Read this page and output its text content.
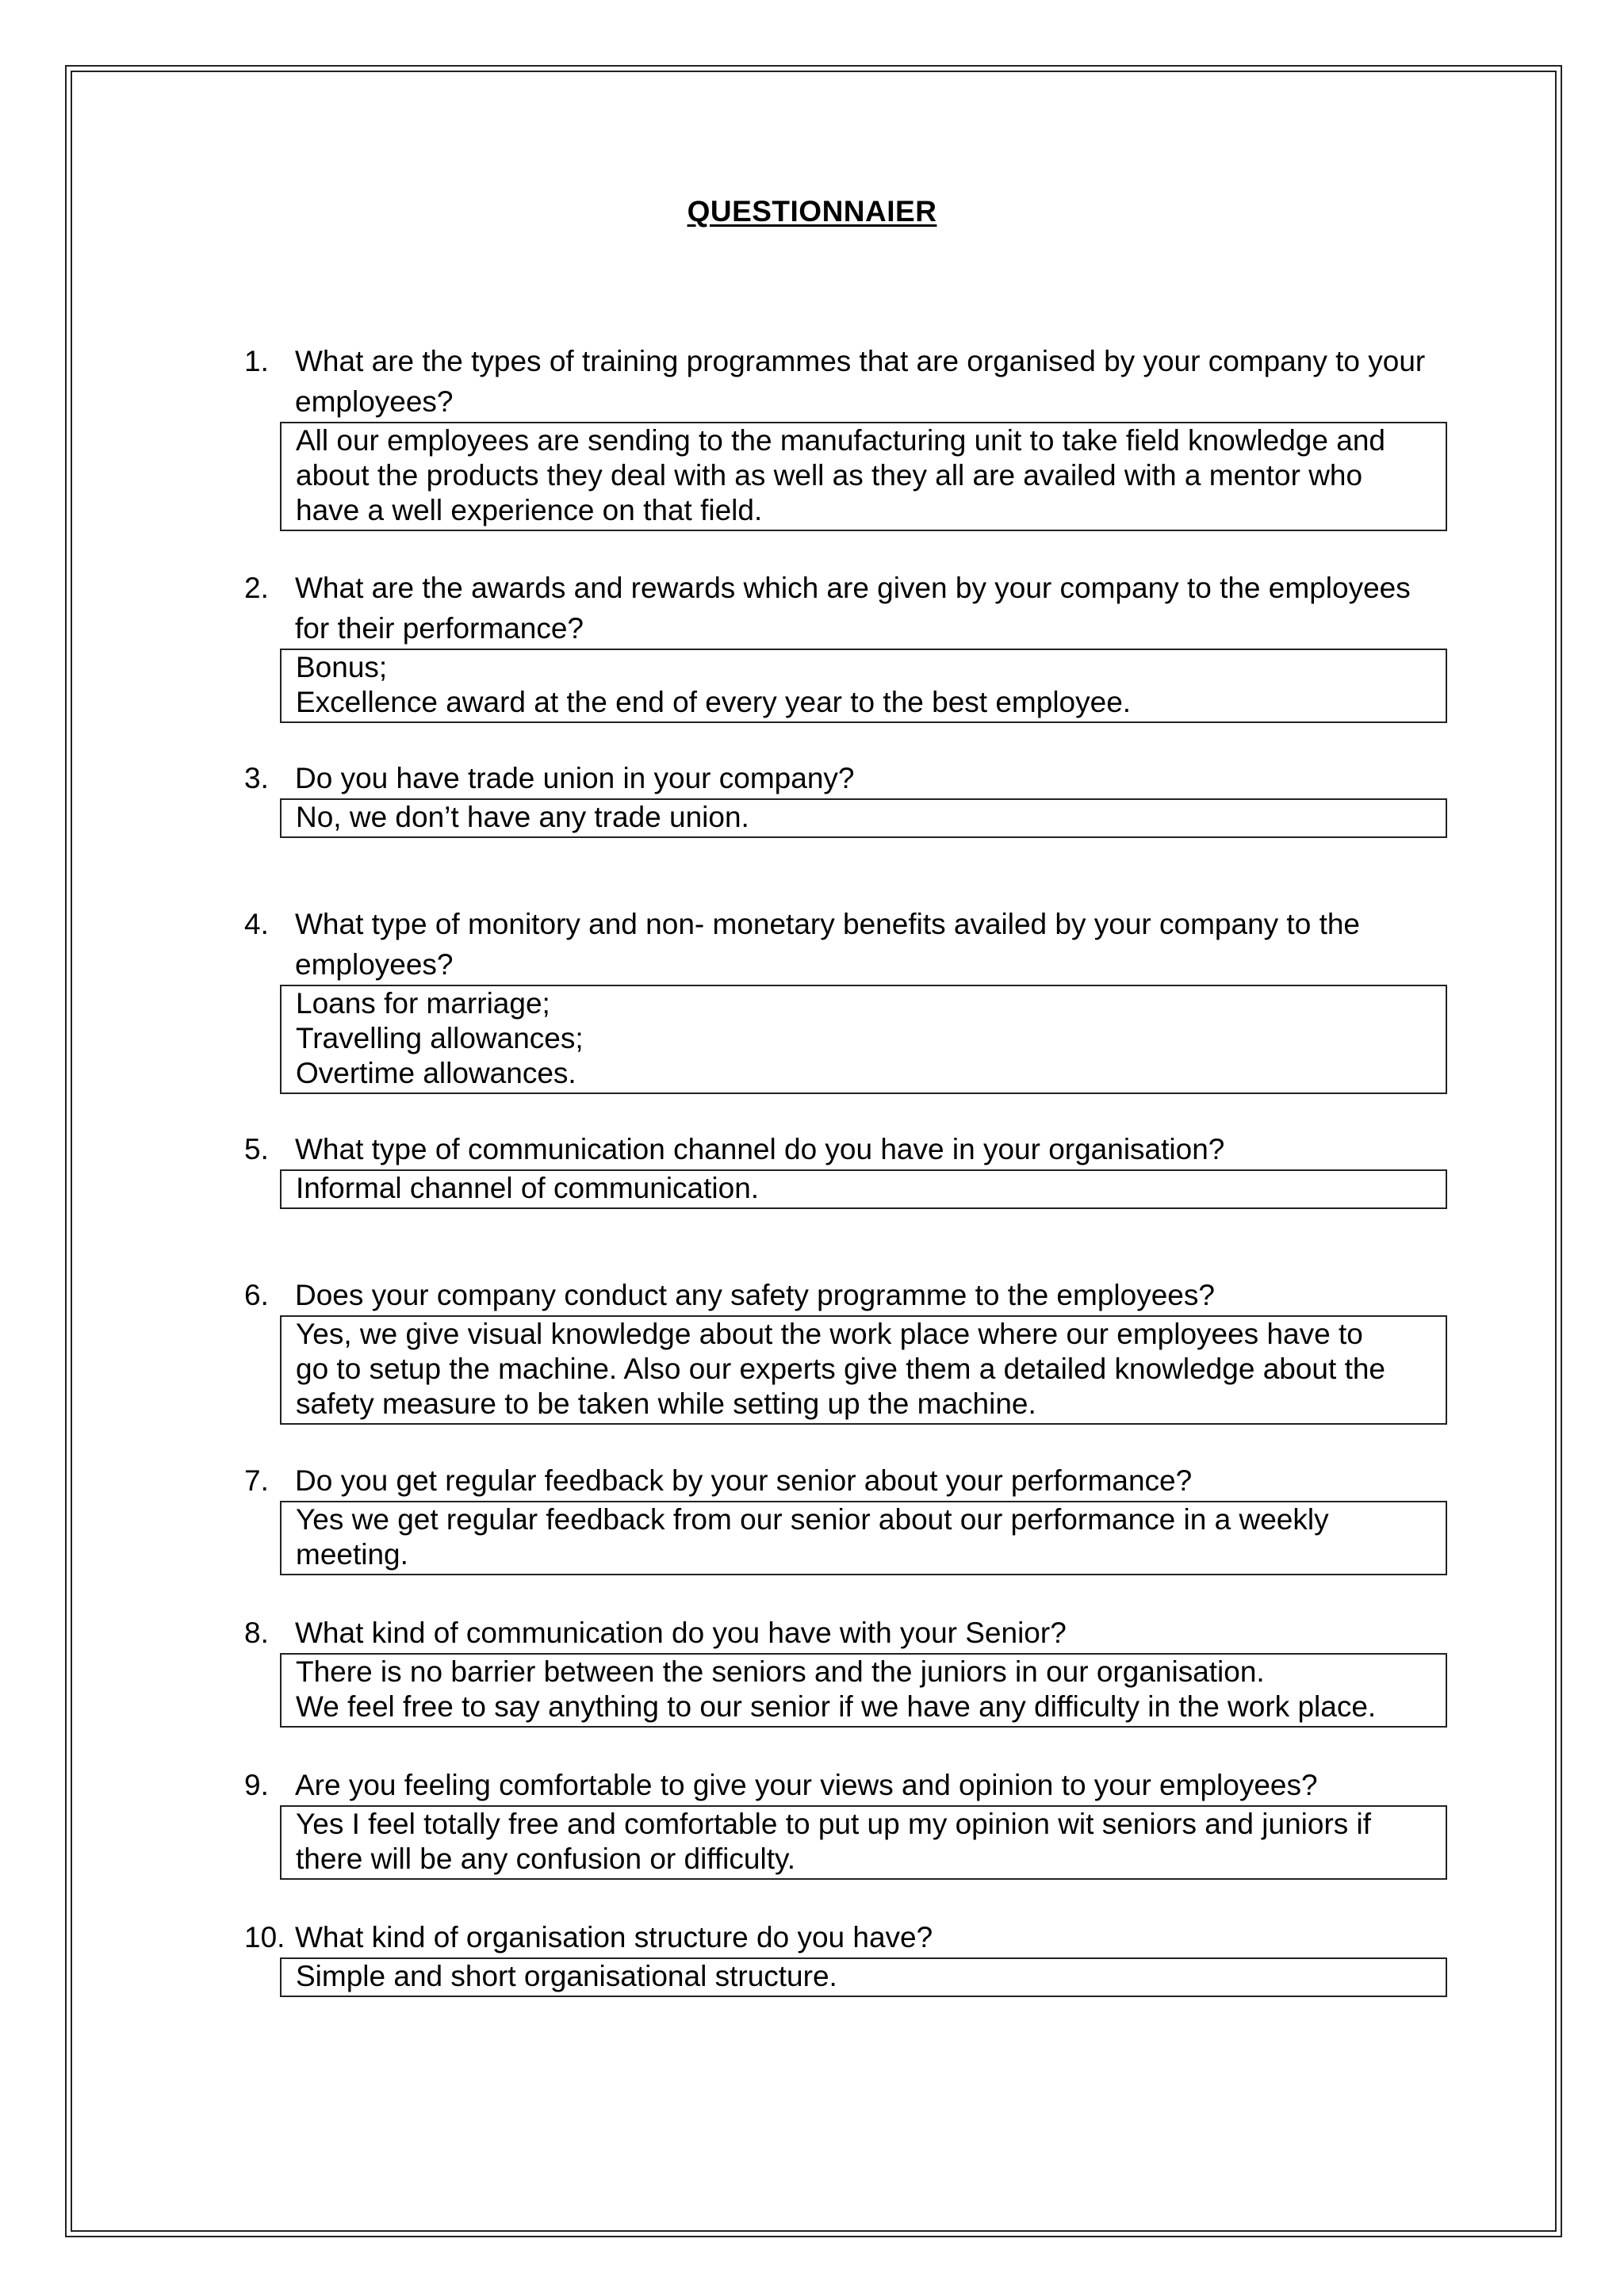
QUESTIONNAIER
1. What are the types of training programmes that are organised by your company to your employees?
All our employees are sending to the manufacturing unit to take field knowledge and
about the products they deal with as well as they all are availed with a mentor who
have a well experience on that field.
2. What are the awards and rewards which are given by your company to the employees for their performance?
Bonus;
Excellence award at the end of every year to the best employee.
3. Do you have trade union in your company?
No, we don’t have any trade union.
4. What type of monitory and non- monetary benefits availed by your company to the employees?
Loans for marriage;
Travelling allowances;
Overtime allowances.
5. What type of communication channel do you have in your organisation?
Informal channel of communication.
6. Does your company conduct any safety programme to the employees?
Yes, we give visual knowledge about the work place where our employees have to
go to setup the machine. Also our experts give them a detailed knowledge about the
safety measure to be taken while setting up the machine.
7. Do you get regular feedback by your senior about your performance?
Yes we get regular feedback from our senior about our performance in a weekly
meeting.
8. What kind of communication do you have with your Senior?
There is no barrier between the seniors and the juniors in our organisation.
We feel free to say anything to our senior if we have any difficulty in the work place.
9. Are you feeling comfortable to give your views and opinion to your employees?
Yes I feel totally free and comfortable to put up my opinion wit seniors and juniors if
there will be any confusion or difficulty.
10. What kind of organisation structure do you have?
Simple and short organisational structure.
